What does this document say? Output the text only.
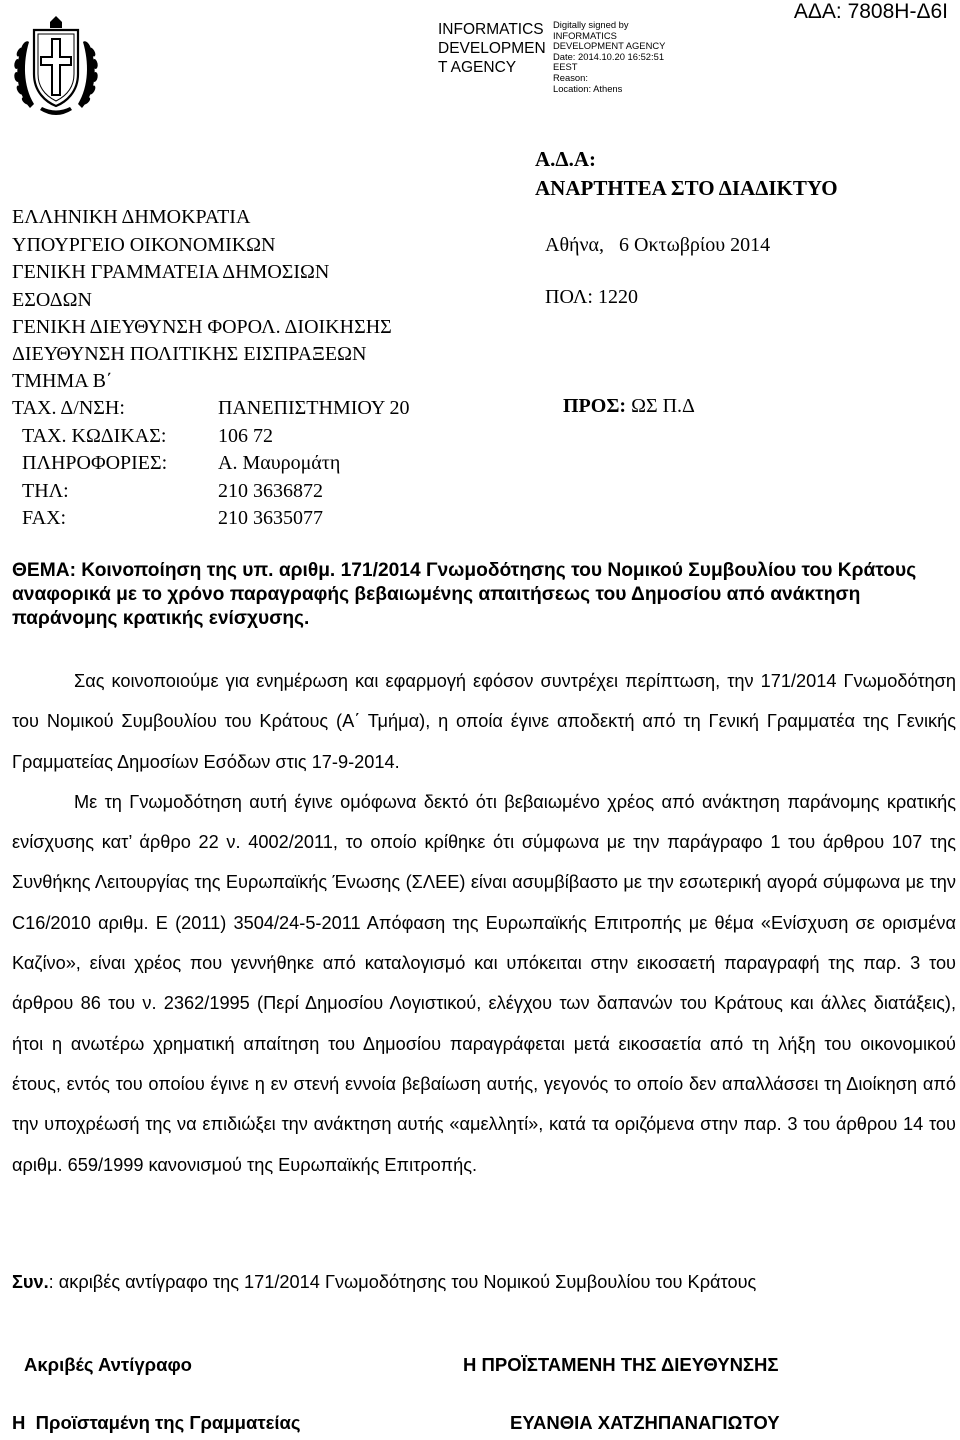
INFORMATICS DEVELOPMEN T AGENCY
Digitally signed by
INFORMATICS
DEVELOPMENT AGENCY
Date: 2014.10.20 16:52:51
EEST
Reason:
Location: Athens
ΑΔΑ: 7808Η-Δ6Ι
Α.Δ.Α:
ΑΝΑΡΤΗΤΕΑ ΣΤΟ ΔΙΑΔΙΚΤΥΟ
Αθήνα,   6 Οκτωβρίου 2014
ΠΟΛ: 1220
ΠΡΟΣ: ΩΣ Π.Δ
ΕΛΛΗΝΙΚΗ ΔΗΜΟΚΡΑΤΙΑ
ΥΠΟΥΡΓΕΙΟ ΟΙΚΟΝΟΜΙΚΩΝ
ΓΕΝΙΚΗ ΓΡΑΜΜΑΤΕΙΑ ΔΗΜΟΣΙΩΝ
ΕΣΟΔΩΝ
ΓΕΝΙΚΗ ΔΙΕΥΘΥΝΣΗ ΦΟΡΟΛ. ΔΙΟΙΚΗΣΗΣ
ΔΙΕΥΘΥΝΣΗ ΠΟΛΙΤΙΚΗΣ ΕΙΣΠΡΑΞΕΩΝ
ΤΜΗΜΑ Β΄
ΤΑΧ. Δ/ΝΣΗ:	ΠΑΝΕΠΙΣΤΗΜΙΟΥ 20
ΤΑΧ. ΚΩΔΙΚΑΣ:	106 72
ΠΛΗΡΟΦΟΡΙΕΣ:	Α. Μαυρομάτη
ΤΗΛ:	210 3636872
FAX:	210 3635077
ΘΕΜΑ: Κοινοποίηση της υπ. αριθμ. 171/2014 Γνωμοδότησης του Νομικού Συμβουλίου του Κράτους αναφορικά με το χρόνο παραγραφής βεβαιωμένης απαιτήσεως του Δημοσίου από ανάκτηση παράνομης κρατικής ενίσχυσης.

Σας κοινοποιούμε για ενημέρωση και εφαρμογή εφόσον συντρέχει περίπτωση, την 171/2014 Γνωμοδότηση του Νομικού Συμβουλίου του Κράτους (Α΄ Τμήμα), η οποία έγινε αποδεκτή από τη Γενική Γραμματέα της Γενικής Γραμματείας Δημοσίων Εσόδων στις 17-9-2014.

Με τη Γνωμοδότηση αυτή έγινε ομόφωνα δεκτό ότι βεβαιωμένο χρέος από ανάκτηση παράνομης κρατικής ενίσχυσης κατ’ άρθρο 22 ν. 4002/2011, το οποίο κρίθηκε ότι σύμφωνα με την παράγραφο 1 του άρθρου 107 της Συνθήκης Λειτουργίας της Ευρωπαϊκής Ένωσης (ΣΛΕΕ) είναι ασυμβίβαστο με την εσωτερική αγορά σύμφωνα με την C16/2010 αριθμ. Ε (2011) 3504/24-5-2011 Απόφαση της Ευρωπαϊκής Επιτροπής με θέμα «Ενίσχυση σε ορισμένα Καζίνο», είναι χρέος που γεννήθηκε από καταλογισμό και υπόκειται στην εικοσαετή παραγραφή της παρ. 3 του άρθρου 86 του ν. 2362/1995 (Περί Δημοσίου Λογιστικού, ελέγχου των δαπανών του Κράτους και άλλες διατάξεις), ήτοι η ανωτέρω χρηματική απαίτηση του Δημοσίου παραγράφεται μετά εικοσαετία από τη λήξη του οικονομικού έτους, εντός του οποίου έγινε η εν στενή εννοία βεβαίωση αυτής, γεγονός το οποίο δεν απαλλάσσει τη Διοίκηση από την υποχρέωσή της να επιδιώξει την ανάκτηση αυτής «αμελλητί», κατά τα οριζόμενα στην παρ. 3 του άρθρου 14 του αριθμ. 659/1999 κανονισμού της Ευρωπαϊκής Επιτροπής.

Συν.: ακριβές αντίγραφο της 171/2014 Γνωμοδότησης του Νομικού Συμβουλίου του Κράτους
Ακριβές Αντίγραφο	Η ΠΡΟΪΣΤΑΜΕΝΗ ΤΗΣ ΔΙΕΥΘΥΝΣΗΣ
Η  Προϊσταμένη της Γραμματείας	ΕΥΑΝΘΙΑ ΧΑΤΖΗΠΑΝΑΓΙΩΤΟΥ
